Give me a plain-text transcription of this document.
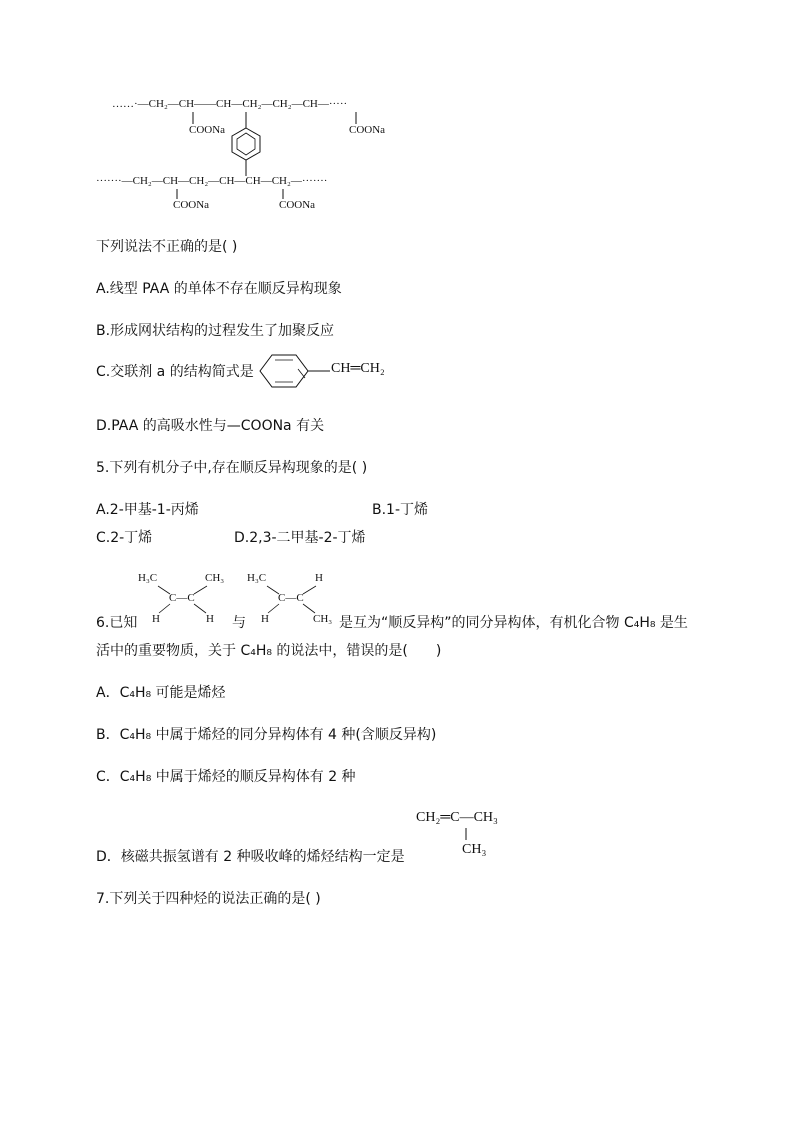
……·—CH₂—CH——CH—CH₂—CH₂—CH—·····
COONa	COONa
·······—CH₂—CH—CH₂—CH—CH—CH₂—·······
COONa	COONa
下列说法不正确的是( )
A.线型 PAA 的单体不存在顺反异构现象
B.形成网状结构的过程发生了加聚反应
C.交联剂 a 的结构简式是	CH═CH₂
D.PAA 的高吸水性与—COONa 有关
5.下列有机分子中,存在顺反异构现象的是( )
A.2-甲基-1-丙烯	B.1-丁烯
C.2-丁烯	D.2,3-二甲基-2-丁烯
6.已知
H₃C	CH₃
C—C
H	H 与
H₃C	H
C—C
H	CH₃ 是互为“顺反异构”的同分异构体，有机化合物 C₄H₈ 是生
活中的重要物质，关于 C₄H₈ 的说法中，错误的是(　　)
A．C₄H₈ 可能是烯烃
B．C₄H₈ 中属于烯烃的同分异构体有 4 种(含顺反异构)
C．C₄H₈ 中属于烯烃的顺反异构体有 2 种
CH₂═C—CH₃
CH₃
D．核磁共振氢谱有 2 种吸收峰的烯烃结构一定是
7.下列关于四种烃的说法正确的是( )
